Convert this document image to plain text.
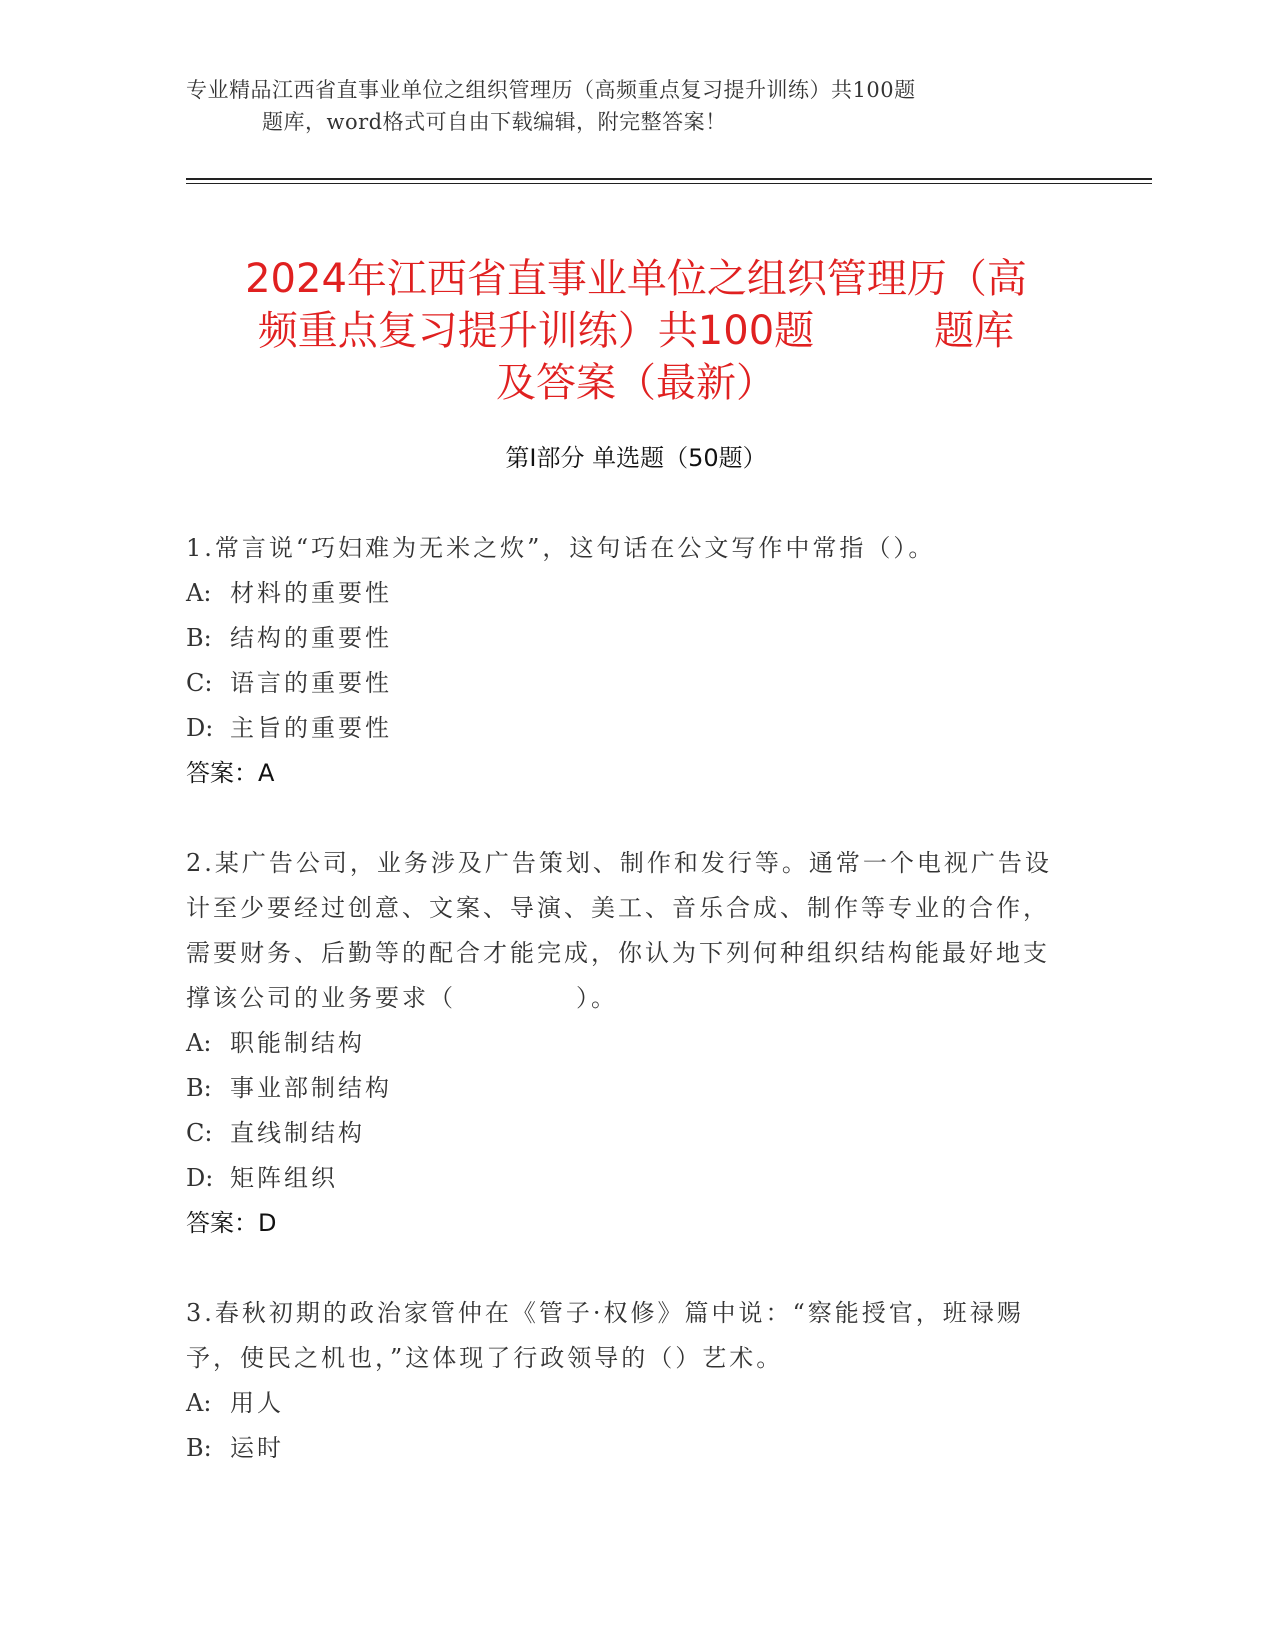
专业精品江西省直事业单位之组织管理历（高频重点复习提升训练）共100题
题库，word格式可自由下载编辑，附完整答案！
2024年江西省直事业单位之组织管理历（高
频重点复习提升训练）共100题　　　题库
及答案（最新）
第Ⅰ部分 单选题（50题）

1.常言说“巧妇难为无米之炊”，这句话在公文写作中常指（）。

A: 材料的重要性

B: 结构的重要性

C: 语言的重要性

D: 主旨的重要性

答案：A

2.某广告公司，业务涉及广告策划、制作和发行等。通常一个电视广告设计至少要经过创意、文案、导演、美工、音乐合成、制作等专业的合作，需要财务、后勤等的配合才能完成，你认为下列何种组织结构能最好地支撑该公司的业务要求（	）。

A: 职能制结构

B: 事业部制结构

C: 直线制结构

D: 矩阵组织

答案：D

3.春秋初期的政治家管仲在《管子·权修》篇中说：“察能授官，班禄赐予，使民之机也，”这体现了行政领导的（）艺术。

A: 用人

B: 运时
